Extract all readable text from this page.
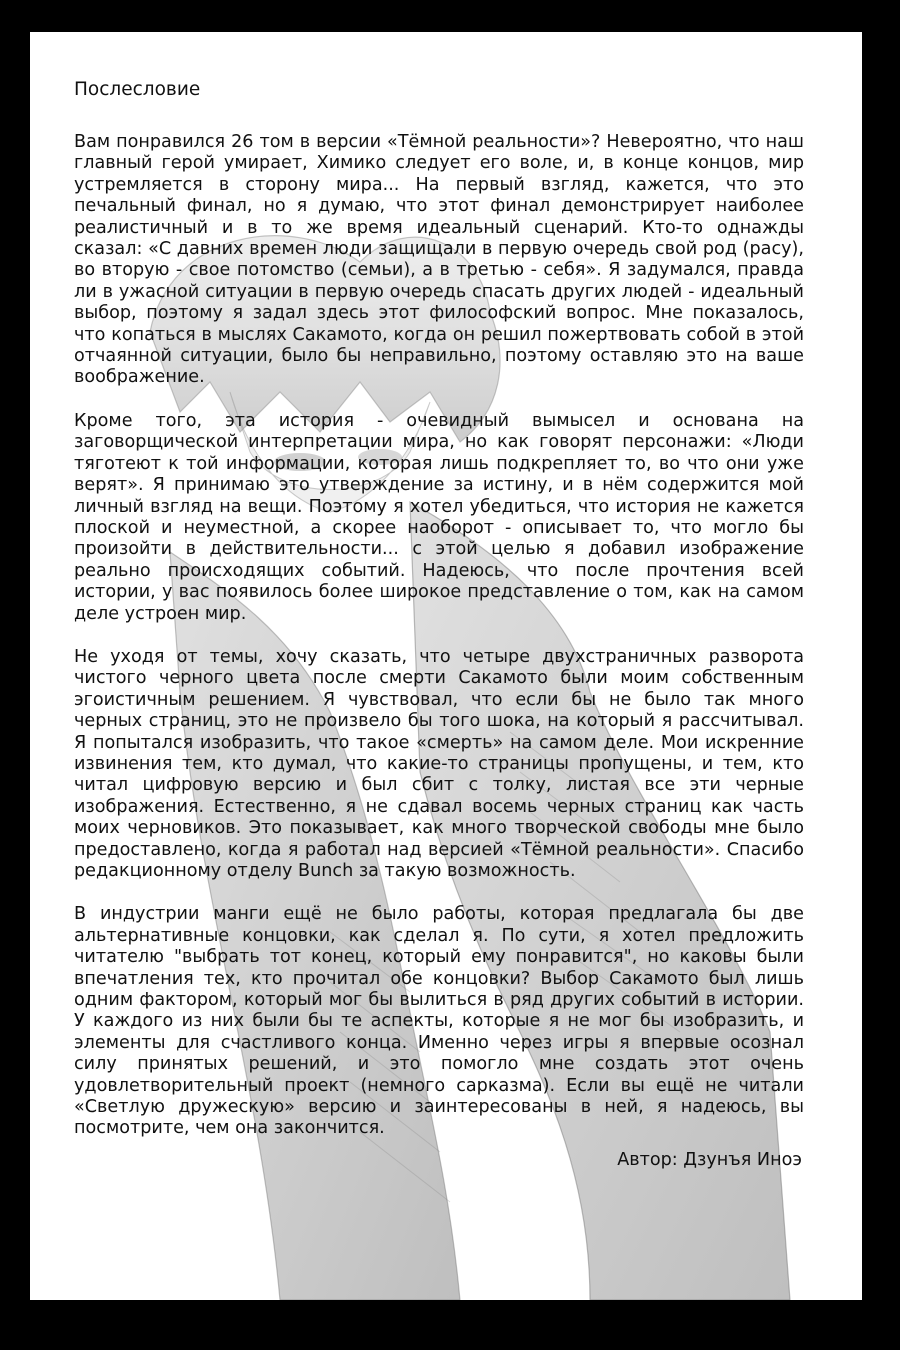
Послесловие

Вам понравился 26 том в версии «Тёмной реальности»? Невероятно, что наш главный герой умирает, Химико следует его воле, и, в конце концов, мир устремляется в сторону мира... На первый взгляд, кажется, что это печальный финал, но я думаю, что этот финал демонстрирует наиболее реалистичный и в то же время идеальный сценарий. Кто-то однажды сказал: «С давних времен люди защищали в первую очередь свой род (расу), во вторую - свое потомство (семьи), а в третью - себя». Я задумался, правда ли в ужасной ситуации в первую очередь спасать других людей - идеальный выбор, поэтому я задал здесь этот философский вопрос. Мне показалось, что копаться в мыслях Сакамото, когда он решил пожертвовать собой в этой отчаянной ситуации, было бы неправильно, поэтому оставляю это на ваше воображение.

Кроме того, эта история - очевидный вымысел и основана на заговорщической интерпретации мира, но как говорят персонажи: «Люди тяготеют к той информации, которая лишь подкрепляет то, во что они уже верят». Я принимаю это утверждение за истину, и в нём содержится мой личный взгляд на вещи. Поэтому я хотел убедиться, что история не кажется плоской и неуместной, а скорее наоборот - описывает то, что могло бы произойти в действительности... с этой целью я добавил изображение реально происходящих событий. Надеюсь, что после прочтения всей истории, у вас появилось более широкое представление о том, как на самом деле устроен мир.

Не уходя от темы, хочу сказать, что четыре двухстраничных разворота чистого черного цвета после смерти Сакамото были моим собственным эгоистичным решением. Я чувствовал, что если бы не было так много черных страниц, это не произвело бы того шока, на который я рассчитывал. Я попытался изобразить, что такое «смерть» на самом деле. Мои искренние извинения тем, кто думал, что какие-то страницы пропущены, и тем, кто читал цифровую версию и был сбит с толку, листая все эти черные изображения. Естественно, я не сдавал восемь черных страниц как часть моих черновиков. Это показывает, как много творческой свободы мне было предоставлено, когда я работал над версией «Тёмной реальности». Спасибо редакционному отделу Bunch за такую возможность.

В индустрии манги ещё не было работы, которая предлагала бы две альтернативные концовки, как сделал я. По сути, я хотел предложить читателю "выбрать тот конец, который ему понравится", но каковы были впечатления тех, кто прочитал обе концовки? Выбор Сакамото был лишь одним фактором, который мог бы вылиться в ряд других событий в истории. У каждого из них были бы те аспекты, которые я не мог бы изобразить, и элементы для счастливого конца. Именно через игры я впервые осознал силу принятых решений, и это помогло мне создать этот очень удовлетворительный проект (немного сарказма). Если вы ещё не читали «Светлую дружескую» версию и заинтересованы в ней, я надеюсь, вы посмотрите, чем она закончится.

Автор: Дзунъя Иноэ
